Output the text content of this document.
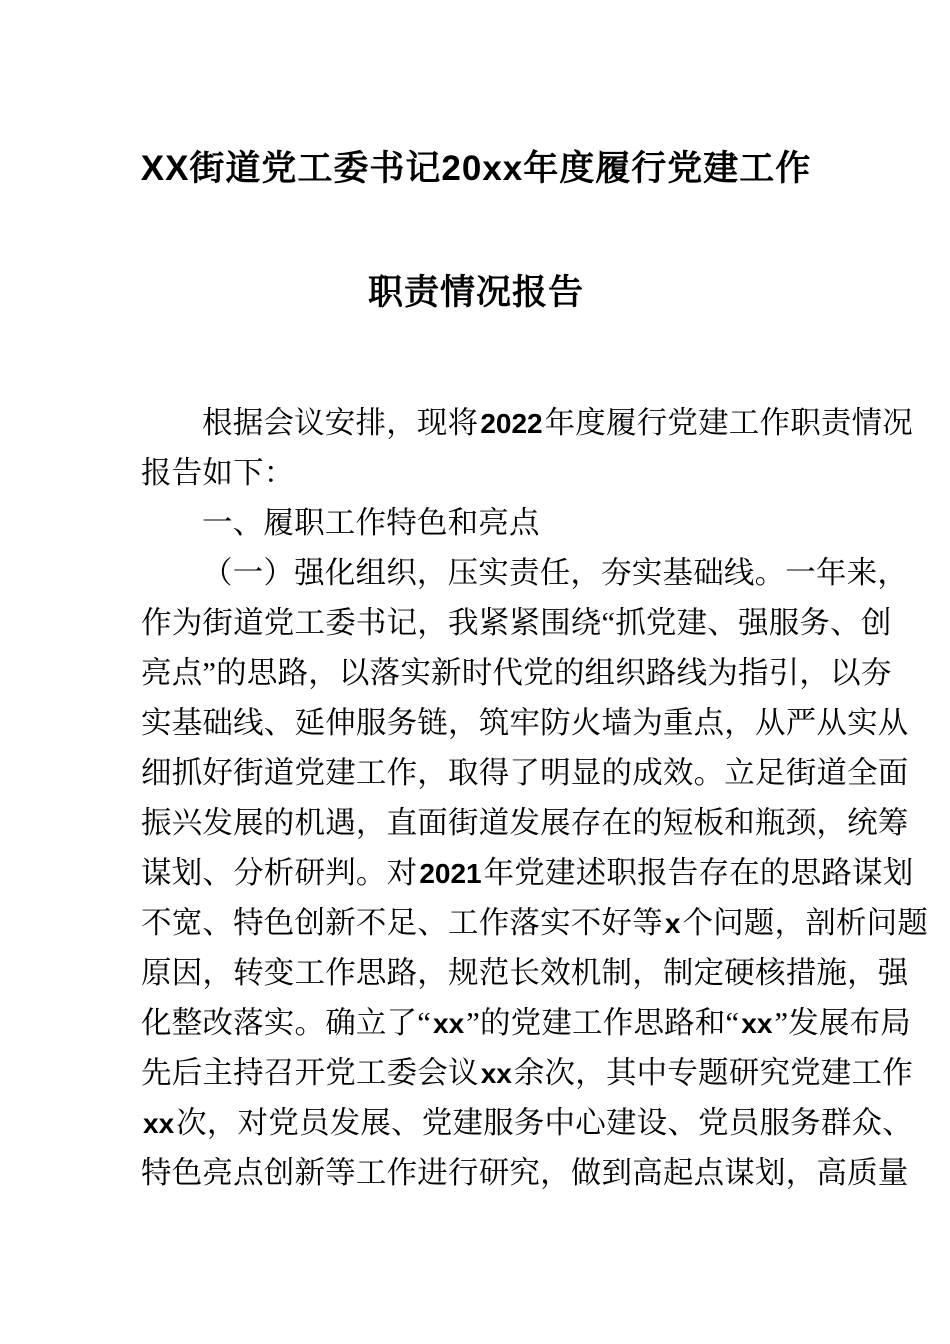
XX街道党工委书记20xx年度履行党建工作
职责情况报告
根据会议安排，现将2022年度履行党建工作职责情况
报告如下：
一、履职工作特色和亮点
（一）强化组织，压实责任，夯实基础线。一年来，
作为街道党工委书记，我紧紧围绕“抓党建、强服务、创
亮点”的思路，以落实新时代党的组织路线为指引，以夯
实基础线、延伸服务链，筑牢防火墙为重点，从严从实从
细抓好街道党建工作，取得了明显的成效。立足街道全面
振兴发展的机遇，直面街道发展存在的短板和瓶颈，统筹
谋划、分析研判。对2021年党建述职报告存在的思路谋划
不宽、特色创新不足、工作落实不好等x个问题，剖析问题
原因，转变工作思路，规范长效机制，制定硬核措施，强
化整改落实。确立了“xx”的党建工作思路和“xx”发展布局
先后主持召开党工委会议xx余次，其中专题研究党建工作
xx次，对党员发展、党建服务中心建设、党员服务群众、
特色亮点创新等工作进行研究，做到高起点谋划，高质量
